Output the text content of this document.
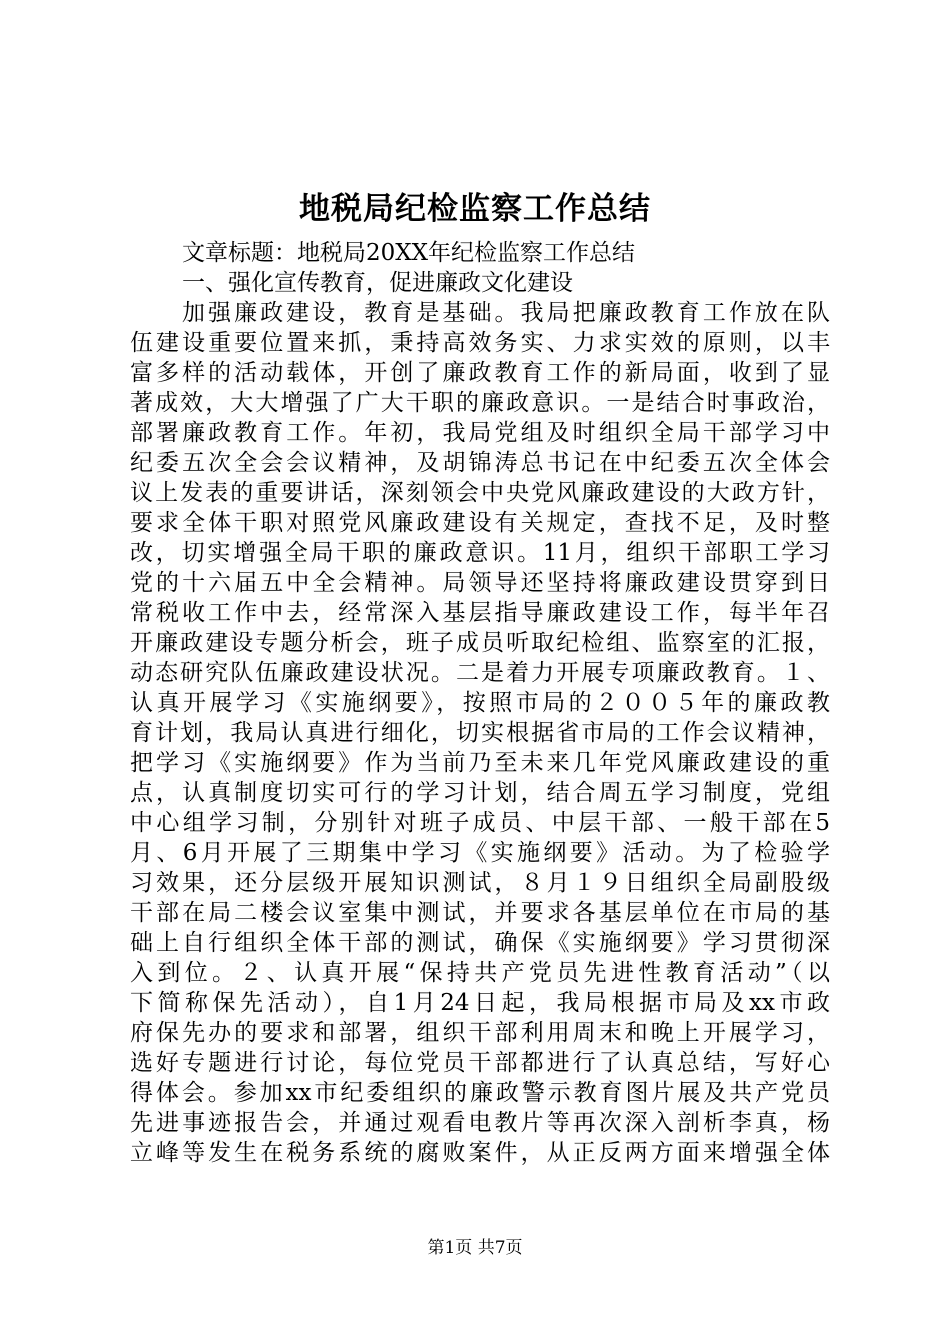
地税局纪检监察工作总结
文章标题：地税局20XX年纪检监察工作总结
一、强化宣传教育，促进廉政文化建设
加强廉政建设，教育是基础。我局把廉政教育工作放在队
伍建设重要位置来抓，秉持高效务实、力求实效的原则，以丰
富多样的活动载体，开创了廉政教育工作的新局面，收到了显
著成效，大大增强了广大干职的廉政意识。一是结合时事政治，
部署廉政教育工作。年初，我局党组及时组织全局干部学习中
纪委五次全会会议精神，及胡锦涛总书记在中纪委五次全体会
议上发表的重要讲话，深刻领会中央党风廉政建设的大政方针，
要求全体干职对照党风廉政建设有关规定，查找不足，及时整
改，切实增强全局干职的廉政意识。11月，组织干部职工学习
党的十六届五中全会精神。局领导还坚持将廉政建设贯穿到日
常税收工作中去，经常深入基层指导廉政建设工作，每半年召
开廉政建设专题分析会，班子成员听取纪检组、监察室的汇报，
动态研究队伍廉政建设状况。二是着力开展专项廉政教育。１、
认真开展学习《实施纲要》，按照市局的２００５年的廉政教
育计划，我局认真进行细化，切实根据省市局的工作会议精神，
把学习《实施纲要》作为当前乃至未来几年党风廉政建设的重
点，认真制度切实可行的学习计划，结合周五学习制度，党组
中心组学习制，分别针对班子成员、中层干部、一般干部在5
月、6月开展了三期集中学习《实施纲要》活动。为了检验学
习效果，还分层级开展知识测试，８月１９日组织全局副股级
干部在局二楼会议室集中测试，并要求各基层单位在市局的基
础上自行组织全体干部的测试，确保《实施纲要》学习贯彻深
入到位。２、认真开展“保持共产党员先进性教育活动”（以
下简称保先活动），自1月24日起，我局根据市局及xx市政
府保先办的要求和部署，组织干部利用周末和晚上开展学习，
选好专题进行讨论，每位党员干部都进行了认真总结，写好心
得体会。参加xx市纪委组织的廉政警示教育图片展及共产党员
先进事迹报告会，并通过观看电教片等再次深入剖析李真，杨
立峰等发生在税务系统的腐败案件，从正反两方面来增强全体
第1页 共7页
